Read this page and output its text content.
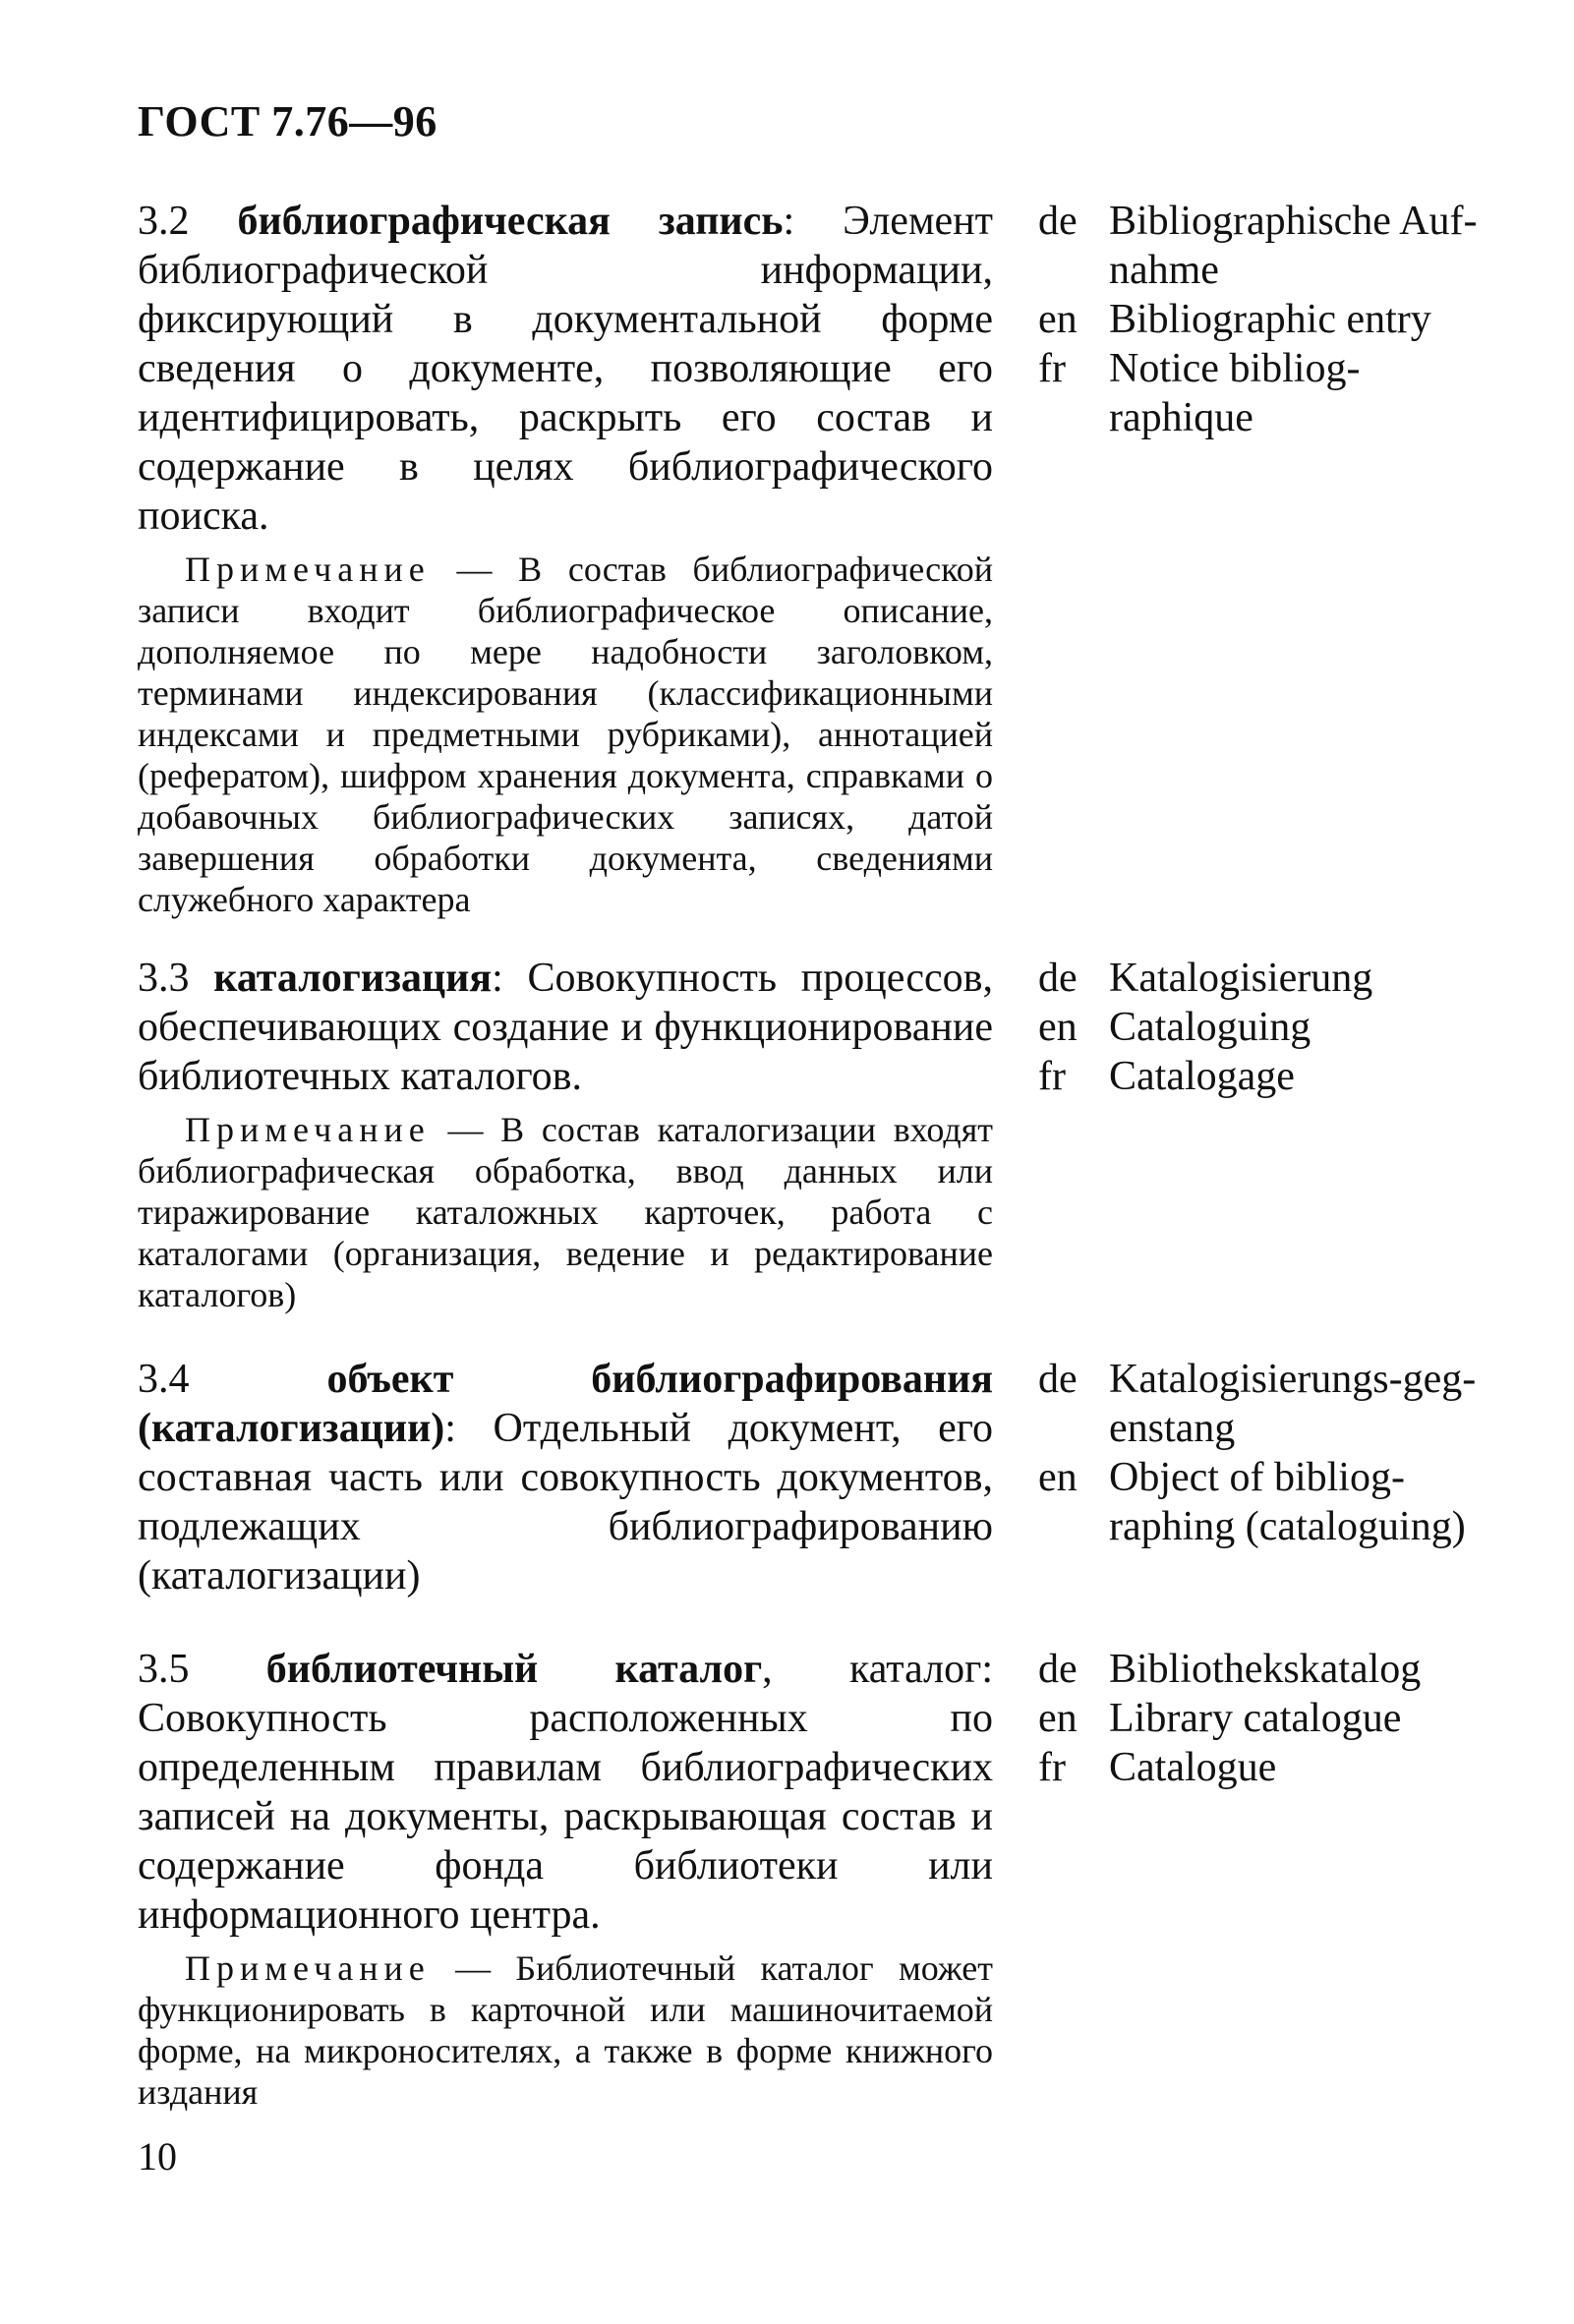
ГОСТ 7.76—96

3.2 библиографическая запись: Элемент библиографической информации, фиксирующий в документальной форме сведения о документе, позволяющие его идентифицировать, раскрыть его состав и содержание в целях библиографического поиска.

Примечание — В состав библиографической записи входит библиографическое описание, дополняемое по мере надобности заголовком, терминами индексирования (классификационными индексами и предметными рубриками), аннотацией (рефератом), шифром хранения документа, справками о добавочных библиографических записях, датой завершения обработки документа, сведениями служебного характера

de Bibliographische Auf-
nahme
en Bibliographic entry
fr	Notice bibliog-
raphique

3.3 каталогизация: Совокупность процессов, обеспечивающих создание и функционирование библиотечных каталогов.

Примечание — В состав каталогизации входят библиографическая обработка, ввод данных или тиражирование каталожных карточек, работа с каталогами (организация, ведение и редактирование каталогов)

de Katalogisierung
en Cataloguing
fr	Catalogage

3.4	объект библиографирования (каталогизации): Отдельный документ, его составная часть или совокупность документов, подлежащих библиографированию (каталогизации)

de Katalogisierungs-geg-
enstang
en Object of bibliog-
raphing (cataloguing)

3.5 библиотечный каталог, каталог: Совокупность расположенных по определенным правилам библиографических записей на документы, раскрывающая состав и содержание фонда библиотеки или информационного центра.

Примечание — Библиотечный каталог может функционировать в карточной или машиночитаемой форме, на микроносителях, а также в форме книжного издания

de Bibliothekskatalog
en Library catalogue
fr	Catalogue
10
